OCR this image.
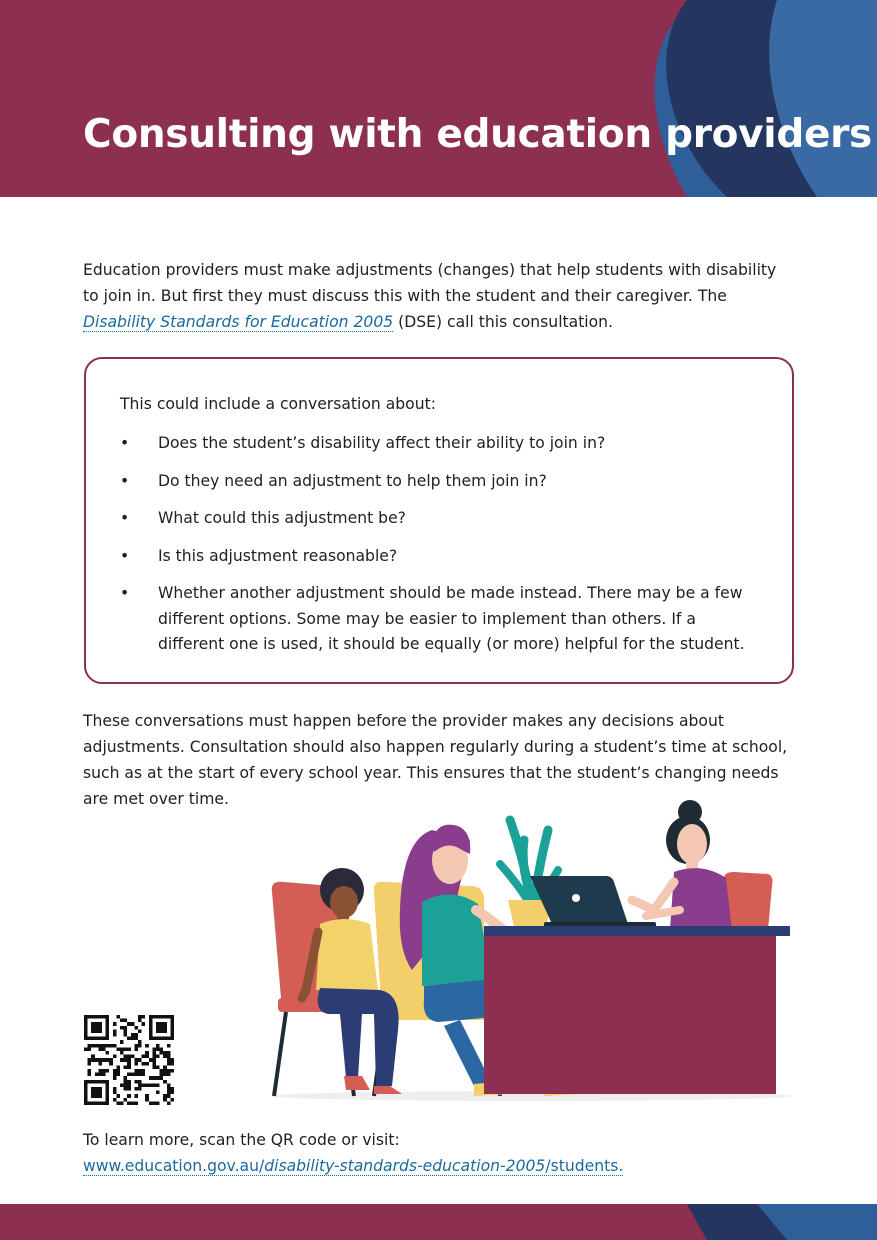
Consulting with education providers

Education providers must make adjustments (changes) that help students with disability to join in. But first they must discuss this with the student and their caregiver. The Disability Standards for Education 2005 (DSE) call this consultation.

This could include a conversation about:

• Does the student’s disability affect their ability to join in?
• Do they need an adjustment to help them join in?
• What could this adjustment be?
• Is this adjustment reasonable?
• Whether another adjustment should be made instead. There may be a few different options. Some may be easier to implement than others. If a different one is used, it should be equally (or more) helpful for the student.

These conversations must happen before the provider makes any decisions about adjustments. Consultation should also happen regularly during a student’s time at school, such as at the start of every school year. This ensures that the student’s changing needs are met over time.

To learn more, scan the QR code or visit:

www.education.gov.au/disability-standards-education-2005/students.
